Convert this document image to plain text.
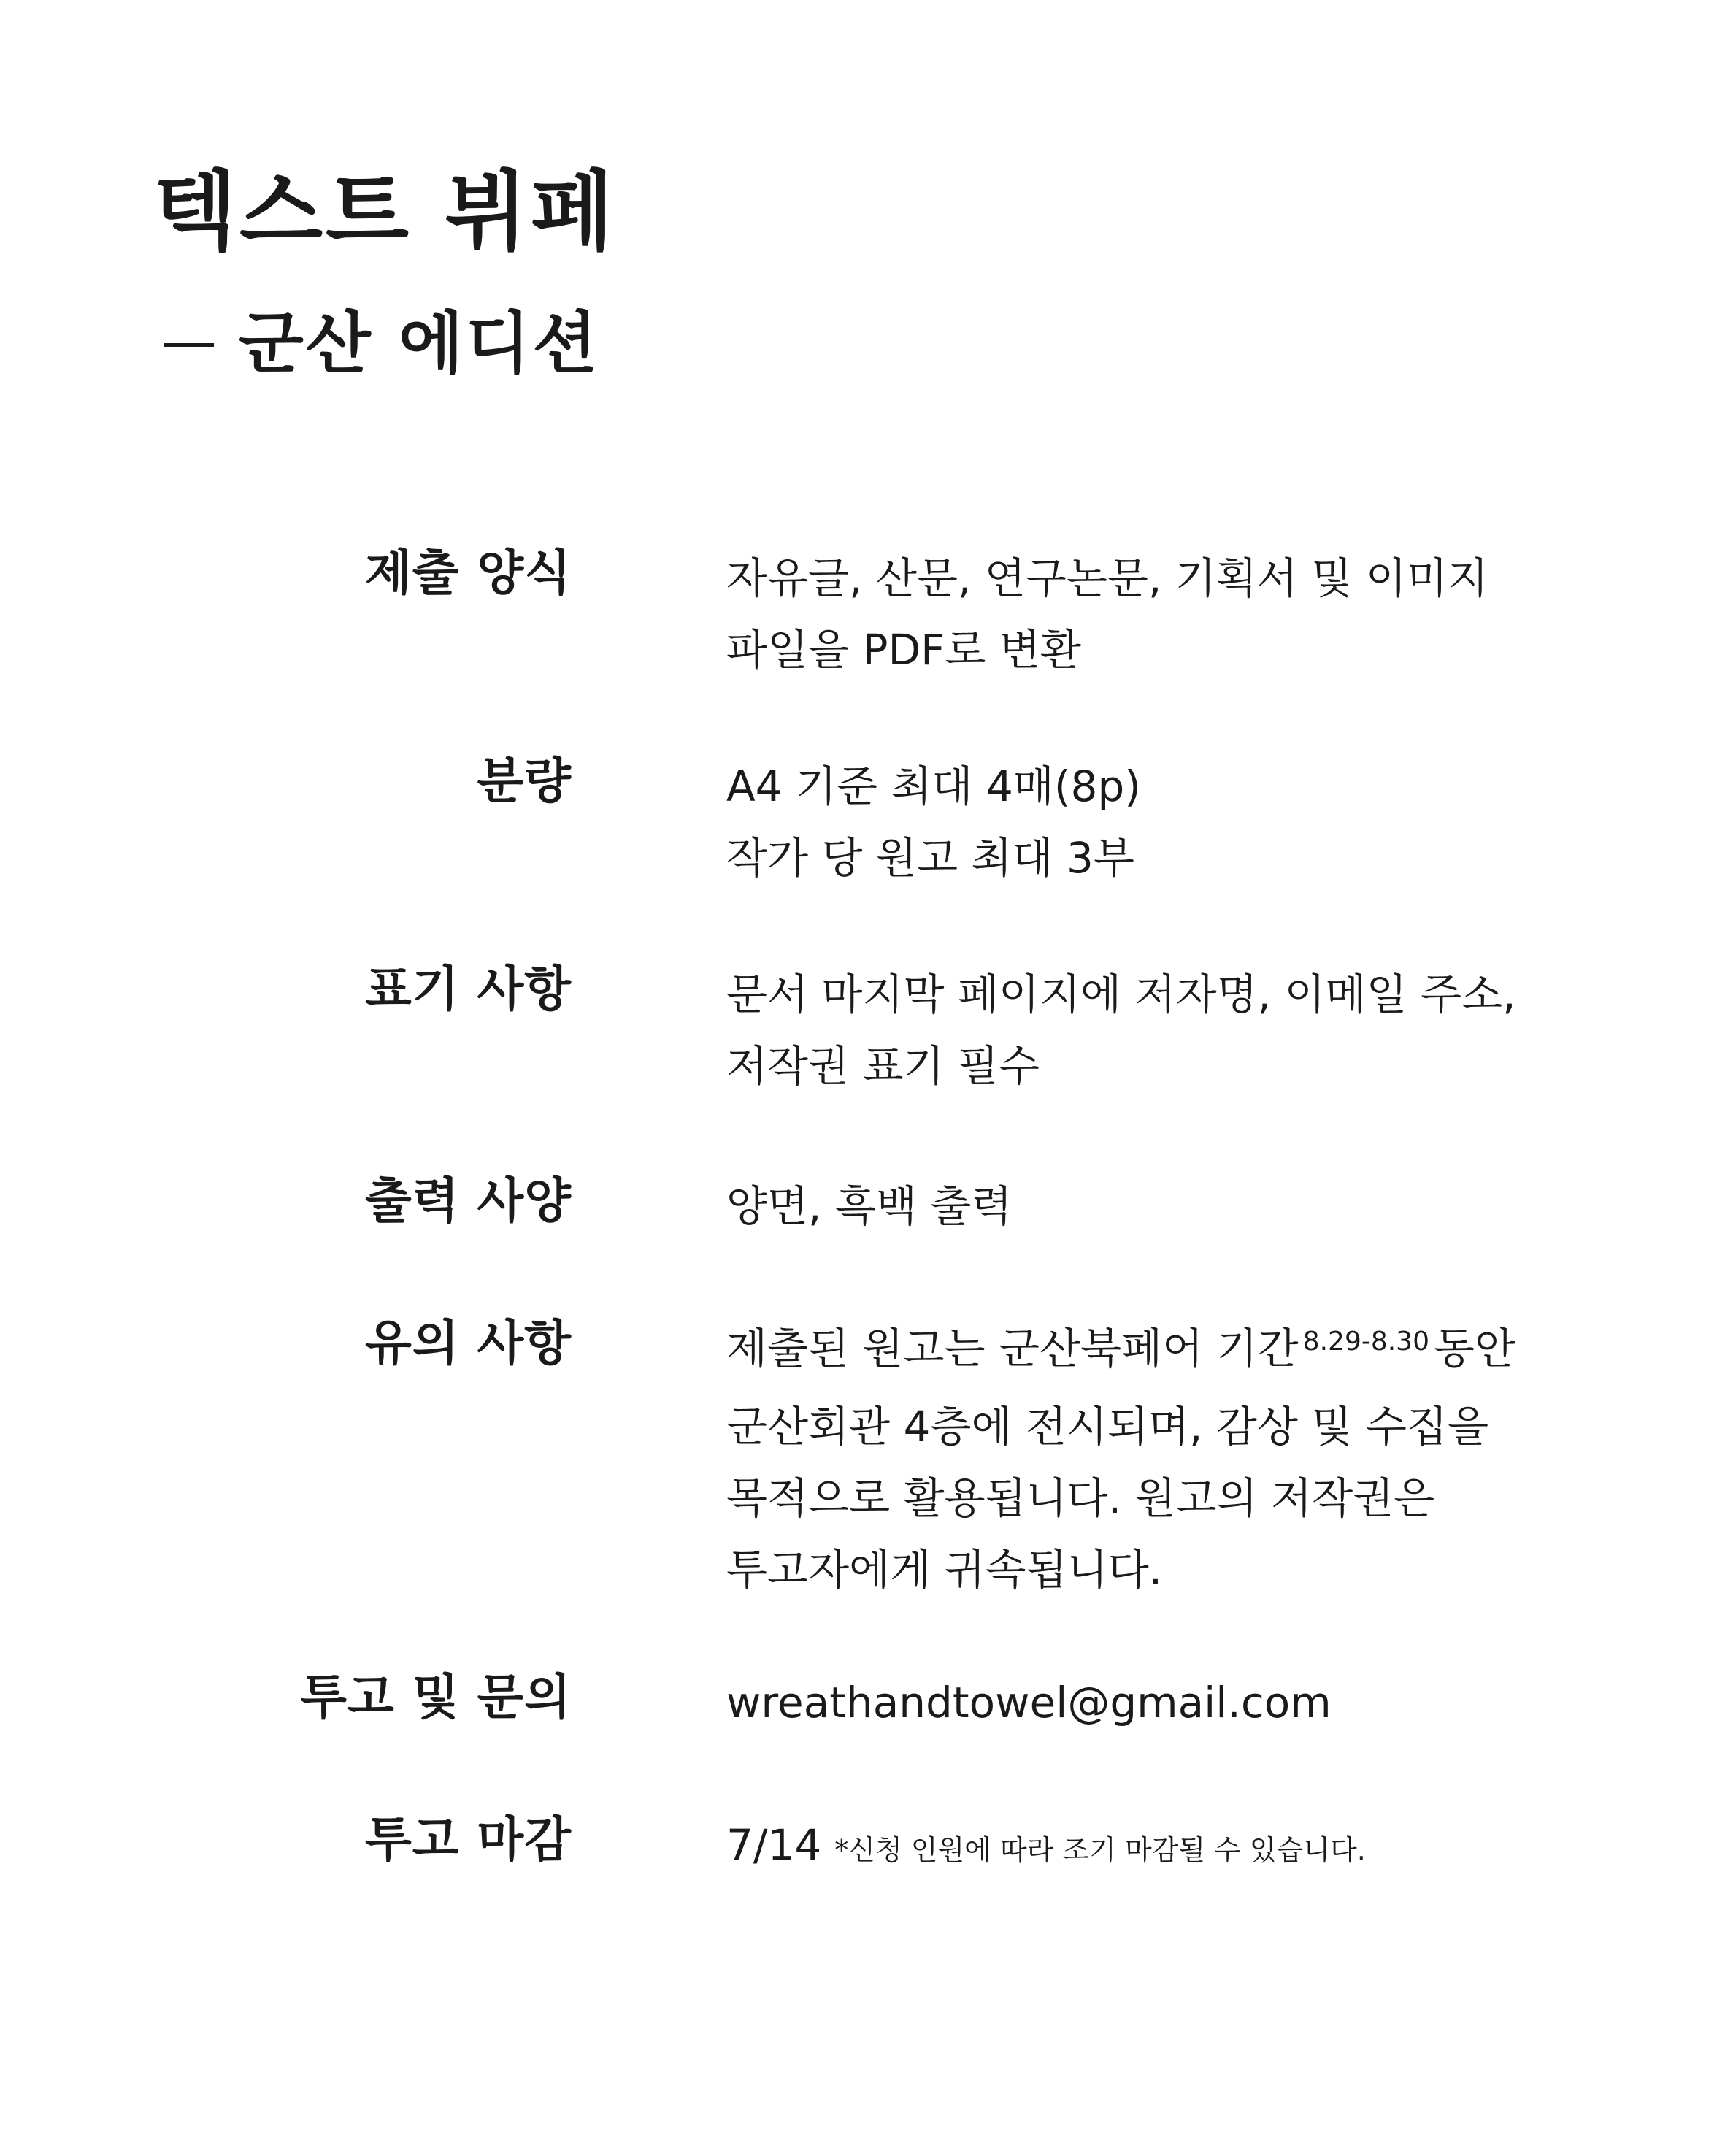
텍스트 뷔페
군산 에디션
제출 양식	자유글, 산문, 연구논문, 기획서 및 이미지
파일을 PDF로 변환
분량	A4 기준 최대 4매(8p)
작가 당 원고 최대 3부
표기 사항	문서 마지막 페이지에 저자명, 이메일 주소,
저작권 표기 필수
출력 사양	양면, 흑백 출력
유의 사항	제출된 원고는 군산북페어 기간 $^{8.29-8.30}$ 동안
군산회관 4층에 전시되며, 감상 및 수집을
목적으로 활용됩니다. 원고의 저작권은
투고자에게 귀속됩니다.
투고 및 문의	wreathandtowel@gmail.com
투고 마감	7/14 *신청 인원에 따라 조기 마감될 수 있습니다.
